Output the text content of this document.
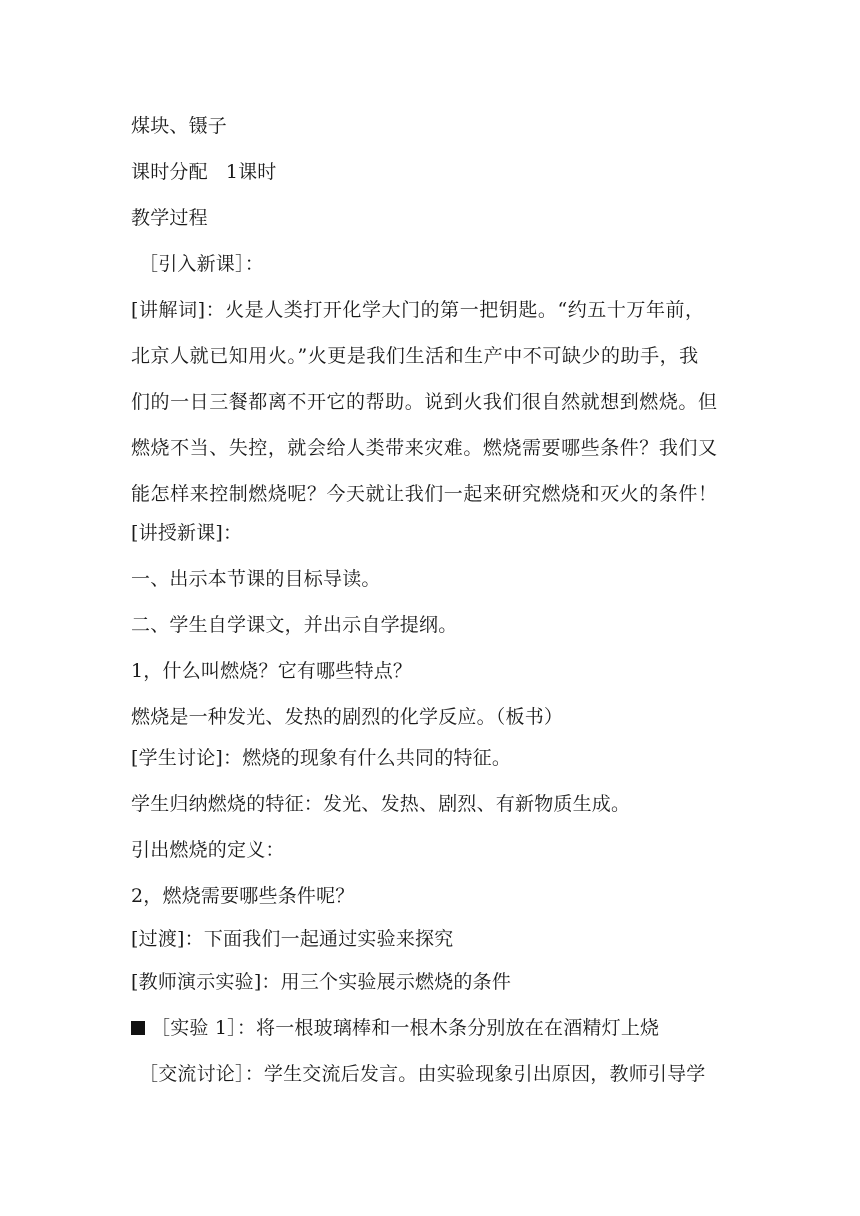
煤块、镊子
课时分配 1课时
教学过程
［引入新课］：
[讲解词]：火是人类打开化学大门的第一把钥匙。“约五十万年前，
北京人就已知用火。”火更是我们生活和生产中不可缺少的助手，我
们的一日三餐都离不开它的帮助。说到火我们很自然就想到燃烧。但
燃烧不当、失控，就会给人类带来灾难。燃烧需要哪些条件？我们又
能怎样来控制燃烧呢？今天就让我们一起来研究燃烧和灭火的条件！
[讲授新课]：
一、出示本节课的目标导读。
二、学生自学课文，并出示自学提纲。
1，什么叫燃烧？它有哪些特点？
燃烧是一种发光、发热的剧烈的化学反应。（板书）
[学生讨论]：燃烧的现象有什么共同的特征。
学生归纳燃烧的特征：发光、发热、剧烈、有新物质生成。
引出燃烧的定义：
2，燃烧需要哪些条件呢？
[过渡]：下面我们一起通过实验来探究
[教师演示实验]：用三个实验展示燃烧的条件
［实验 1］：将一根玻璃棒和一根木条分别放在在酒精灯上烧
［交流讨论］：学生交流后发言。由实验现象引出原因，教师引导学
